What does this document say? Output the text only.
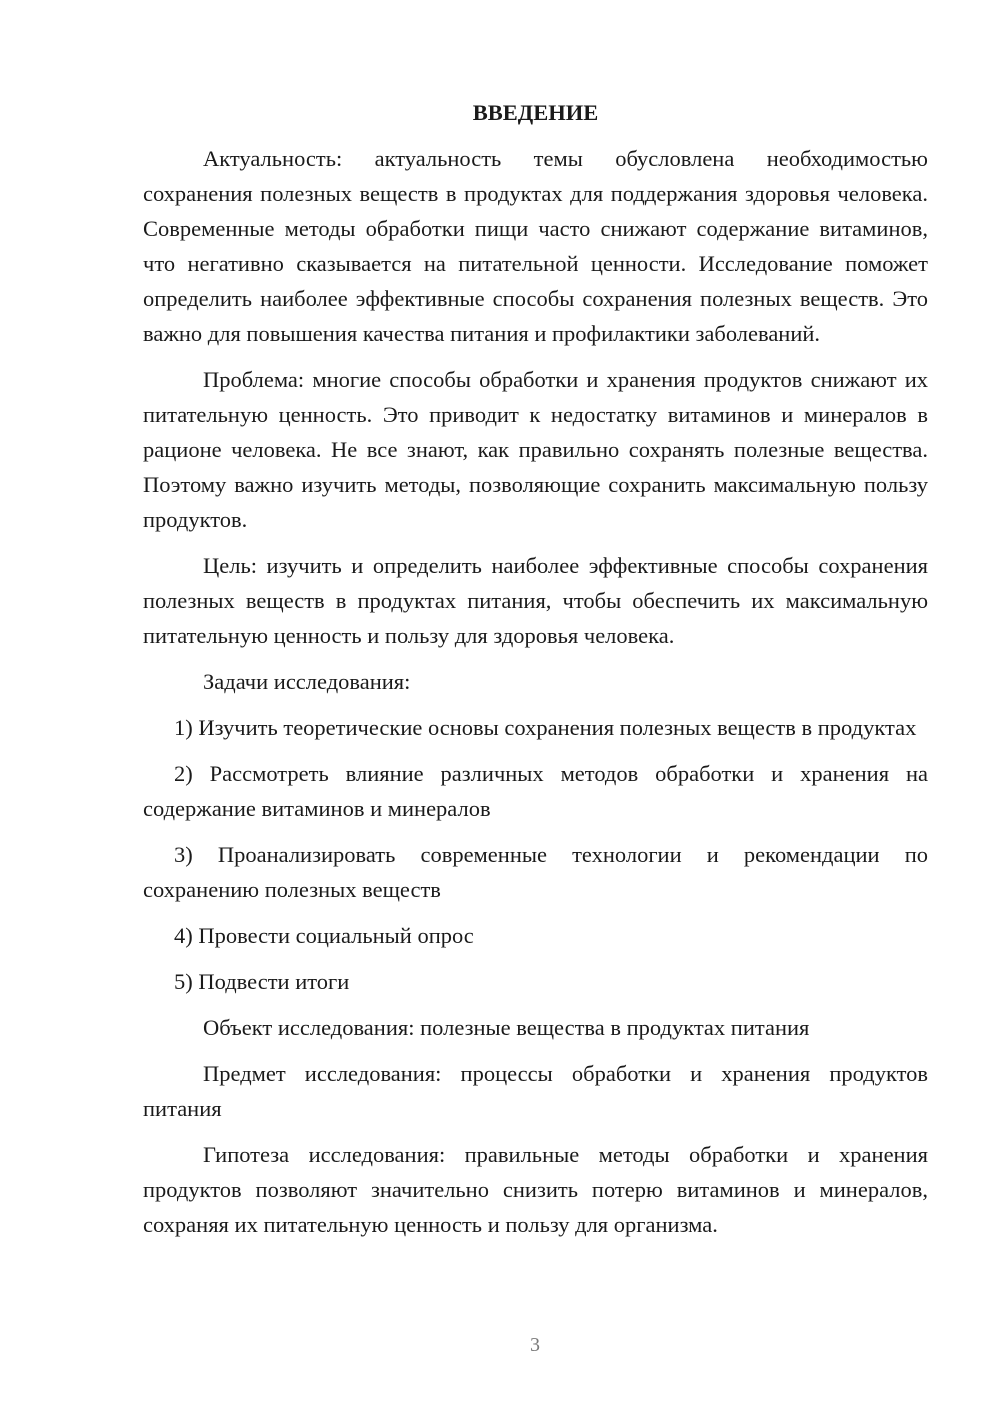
ВВЕДЕНИЕ
Актуальность: актуальность темы обусловлена необходимостью сохранения полезных веществ в продуктах для поддержания здоровья человека. Современные методы обработки пищи часто снижают содержание витаминов, что негативно сказывается на питательной ценности. Исследование поможет определить наиболее эффективные способы сохранения полезных веществ. Это важно для повышения качества питания и профилактики заболеваний.
Проблема: многие способы обработки и хранения продуктов снижают их питательную ценность. Это приводит к недостатку витаминов и минералов в рационе человека. Не все знают, как правильно сохранять полезные вещества. Поэтому важно изучить методы, позволяющие сохранить максимальную пользу продуктов.
Цель: изучить и определить наиболее эффективные способы сохранения полезных веществ в продуктах питания, чтобы обеспечить их максимальную питательную ценность и пользу для здоровья человека.
Задачи исследования:
1) Изучить теоретические основы сохранения полезных веществ в продуктах
2) Рассмотреть влияние различных методов обработки и хранения на содержание витаминов и минералов
3) Проанализировать современные технологии и рекомендации по сохранению полезных веществ
4) Провести социальный опрос
5) Подвести итоги
Объект исследования: полезные вещества в продуктах питания
Предмет исследования: процессы обработки и хранения продуктов питания
Гипотеза исследования: правильные методы обработки и хранения продуктов позволяют значительно снизить потерю витаминов и минералов, сохраняя их питательную ценность и пользу для организма.
3
